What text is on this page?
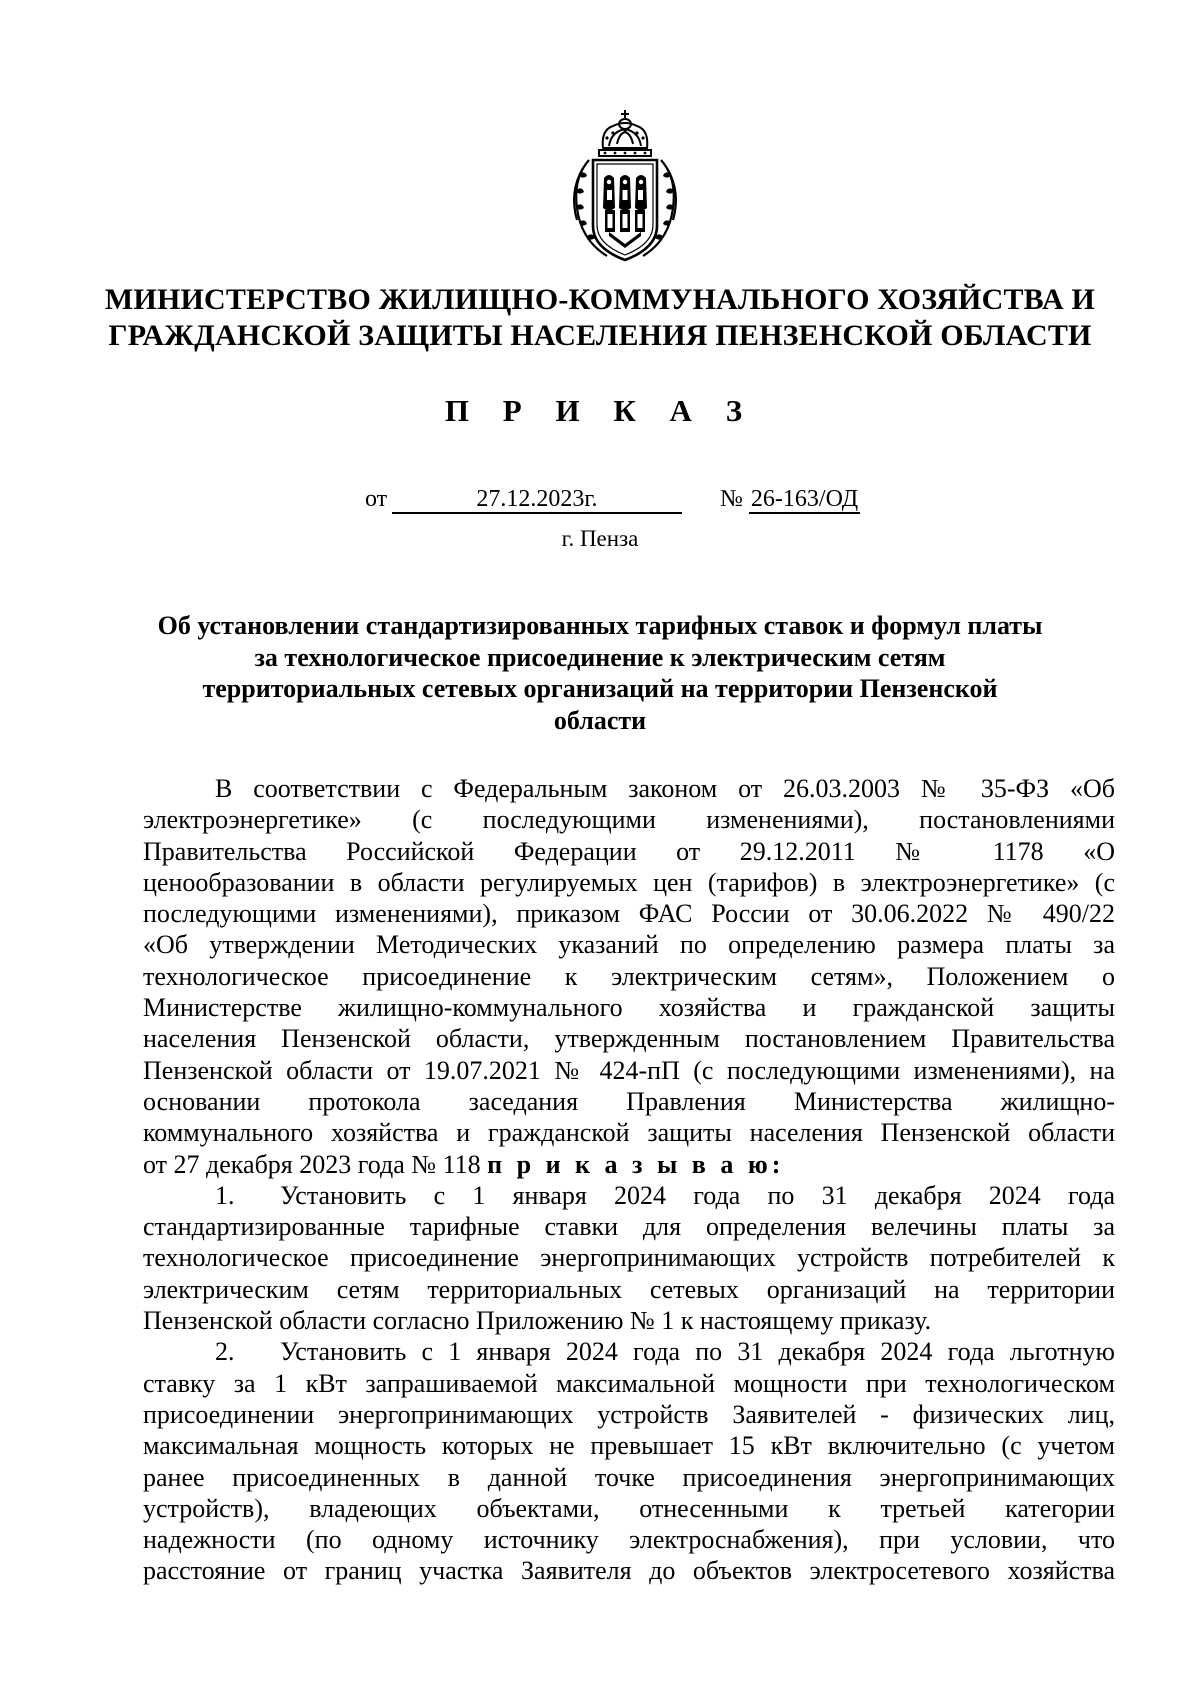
МИНИСТЕРСТВО ЖИЛИЩНО-КОММУНАЛЬНОГО ХОЗЯЙСТВА И
ГРАЖДАНСКОЙ ЗАЩИТЫ НАСЕЛЕНИЯ ПЕНЗЕНСКОЙ ОБЛАСТИ
П Р И К А З
от	27.12.2023г.	№ 26-163/ОД
г. Пенза
Об установлении стандартизированных тарифных ставок и формул платы
за технологическое присоединение к электрическим сетям
территориальных сетевых организаций на территории Пензенской
области
В соответствии с Федеральным законом от 26.03.2003 № 35-ФЗ «Об
электроэнергетике» (с последующими изменениями), постановлениями
Правительства Российской Федерации от 29.12.2011 № 1178 «О
ценообразовании в области регулируемых цен (тарифов) в электроэнергетике» (с
последующими изменениями), приказом ФАС России от 30.06.2022 № 490/22
«Об утверждении Методических указаний по определению размера платы за
технологическое присоединение к электрическим сетям», Положением о
Министерстве жилищно-коммунального хозяйства и гражданской защиты
населения Пензенской области, утвержденным постановлением Правительства
Пензенской области от 19.07.2021 № 424-пП (с последующими изменениями), на
основании протокола заседания Правления Министерства жилищно-
коммунального хозяйства и гражданской защиты населения Пензенской области
от 27 декабря 2023 года № 118 п р и к а з ы в а ю:
1.	Установить с 1 января 2024 года по 31 декабря 2024 года
стандартизированные тарифные ставки для определения велечины платы за
технологическое присоединение энергопринимающих устройств потребителей к
электрическим сетям территориальных сетевых организаций на территории
Пензенской области согласно Приложению № 1 к настоящему приказу.
2.	Установить с 1 января 2024 года по 31 декабря 2024 года льготную
ставку за 1 кВт запрашиваемой максимальной мощности при технологическом
присоединении энергопринимающих устройств Заявителей - физических лиц,
максимальная мощность которых не превышает 15 кВт включительно (с учетом
ранее присоединенных в данной точке присоединения энергопринимающих
устройств), владеющих объектами, отнесенными к третьей категории
надежности (по одному источнику электроснабжения), при условии, что
расстояние от границ участка Заявителя до объектов электросетевого хозяйства
